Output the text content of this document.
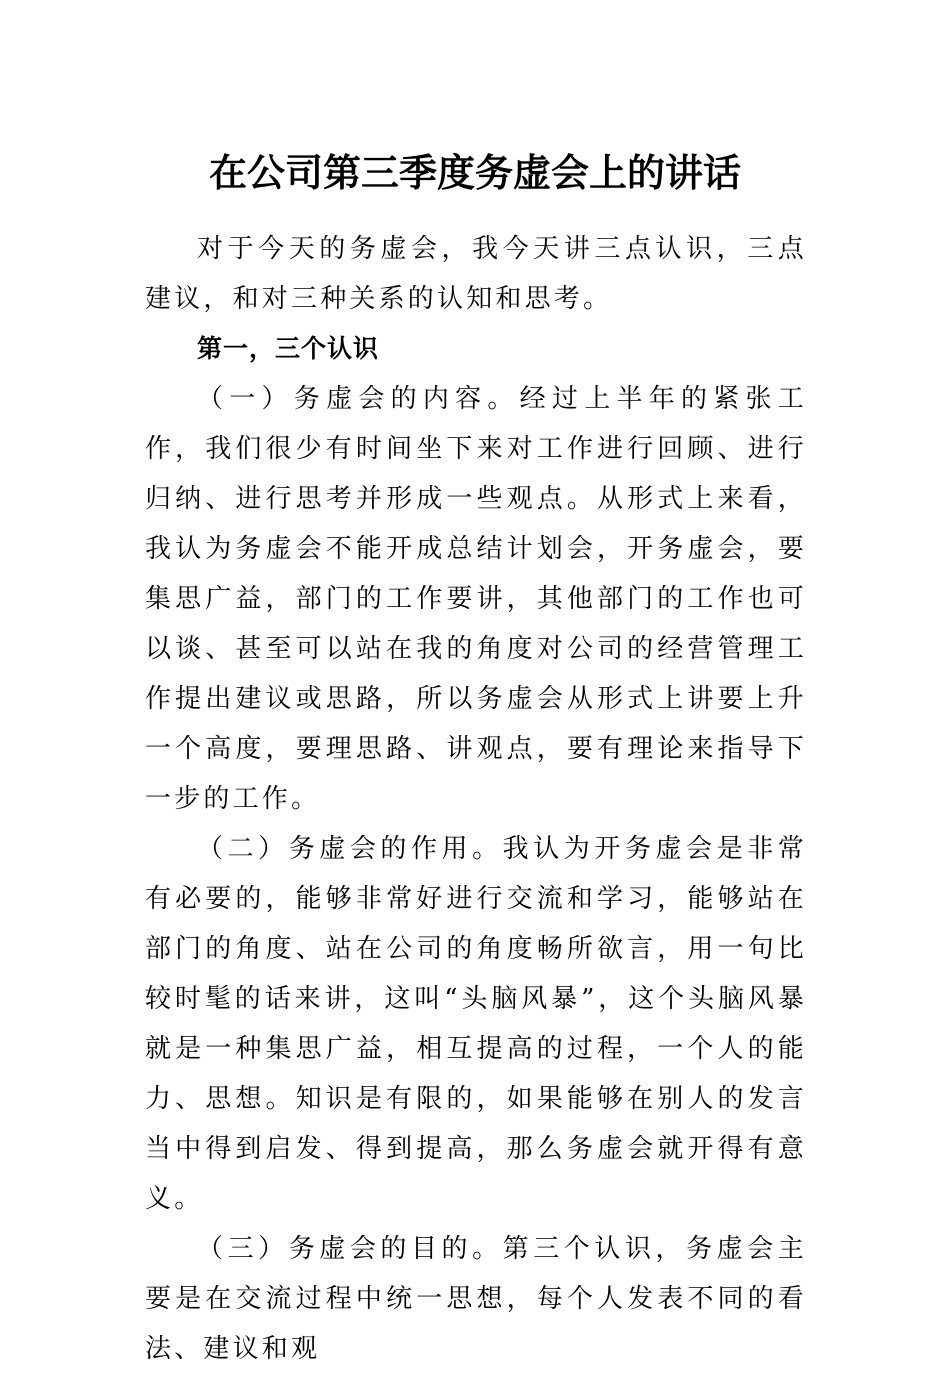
在公司第三季度务虚会上的讲话

对于今天的务虚会，我今天讲三点认识，三点建议，和对三种关系的认知和思考。

第一，三个认识

（一）务虚会的内容。经过上半年的紧张工作，我们很少有时间坐下来对工作进行回顾、进行归纳、进行思考并形成一些观点。从形式上来看，我认为务虚会不能开成总结计划会，开务虚会，要集思广益，部门的工作要讲，其他部门的工作也可以谈、甚至可以站在我的角度对公司的经营管理工作提出建议或思路，所以务虚会从形式上讲要上升一个高度，要理思路、讲观点，要有理论来指导下一步的工作。

（二）务虚会的作用。我认为开务虚会是非常有必要的，能够非常好进行交流和学习，能够站在部门的角度、站在公司的角度畅所欲言，用一句比较时髦的话来讲，这叫“头脑风暴”，这个头脑风暴就是一种集思广益，相互提高的过程，一个人的能力、思想。知识是有限的，如果能够在别人的发言当中得到启发、得到提高，那么务虚会就开得有意义。

（三）务虚会的目的。第三个认识，务虚会主要是在交流过程中统一思想，每个人发表不同的看法、建议和观
